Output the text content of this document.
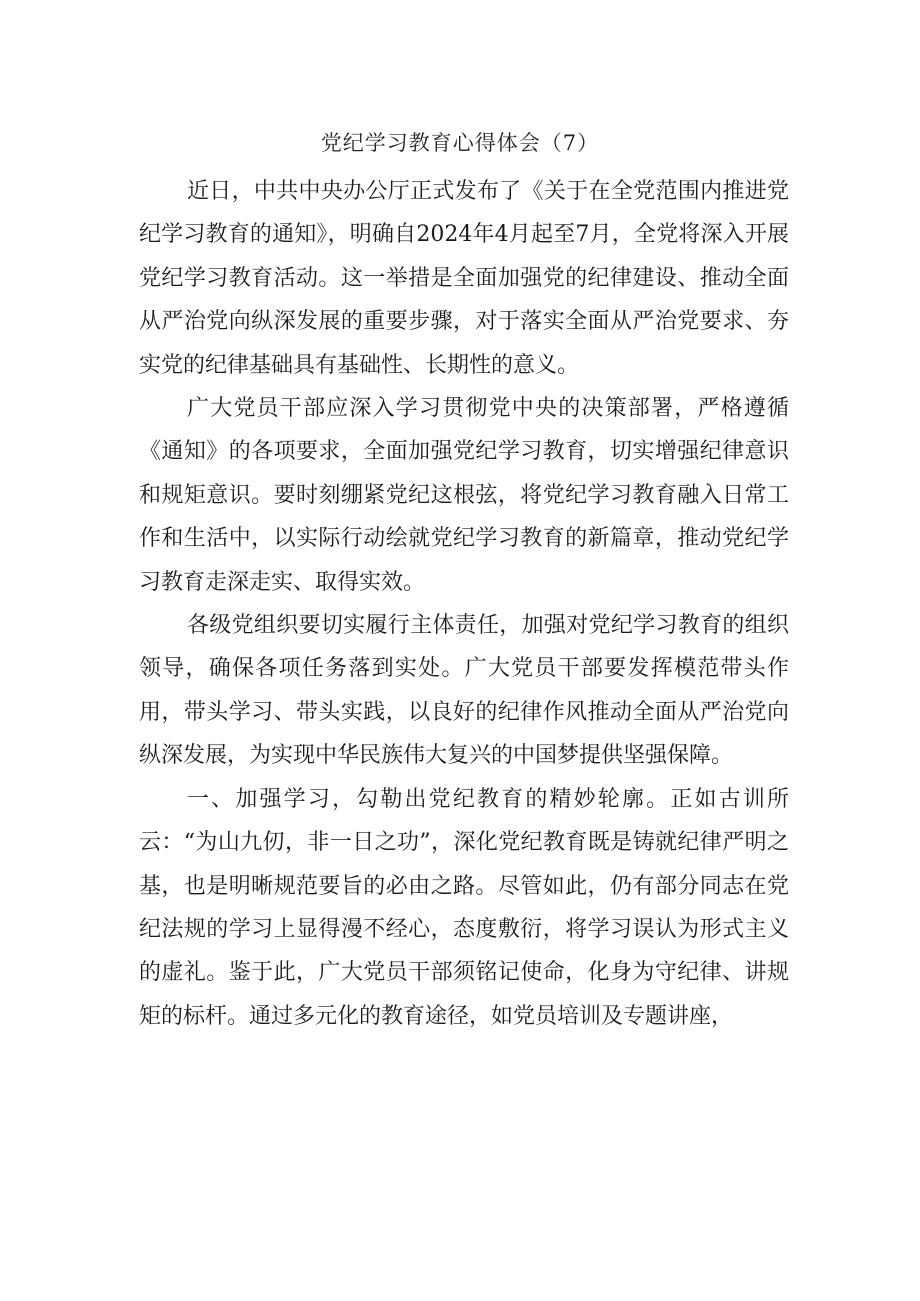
党纪学习教育心得体会（7）

近日，中共中央办公厅正式发布了《关于在全党范围内推进党纪学习教育的通知》，明确自2024年4月起至7月，全党将深入开展党纪学习教育活动。这一举措是全面加强党的纪律建设、推动全面从严治党向纵深发展的重要步骤，对于落实全面从严治党要求、夯实党的纪律基础具有基础性、长期性的意义。

广大党员干部应深入学习贯彻党中央的决策部署，严格遵循《通知》的各项要求，全面加强党纪学习教育，切实增强纪律意识和规矩意识。要时刻绷紧党纪这根弦，将党纪学习教育融入日常工作和生活中，以实际行动绘就党纪学习教育的新篇章，推动党纪学习教育走深走实、取得实效。

各级党组织要切实履行主体责任，加强对党纪学习教育的组织领导，确保各项任务落到实处。广大党员干部要发挥模范带头作用，带头学习、带头实践，以良好的纪律作风推动全面从严治党向纵深发展，为实现中华民族伟大复兴的中国梦提供坚强保障。

一、加强学习，勾勒出党纪教育的精妙轮廓。正如古训所云：“为山九仞，非一日之功”，深化党纪教育既是铸就纪律严明之基，也是明晰规范要旨的必由之路。尽管如此，仍有部分同志在党纪法规的学习上显得漫不经心，态度敷衍，将学习误认为形式主义的虚礼。鉴于此，广大党员干部须铭记使命，化身为守纪律、讲规矩的标杆。通过多元化的教育途径，如党员培训及专题讲座，
